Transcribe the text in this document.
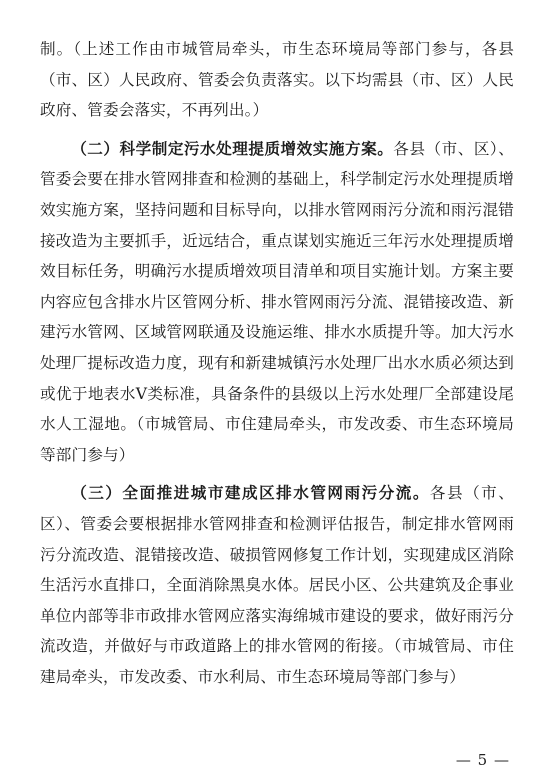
制。（上述工作由市城管局牵头，市生态环境局等部门参与，各县（市、区）人民政府、管委会负责落实。以下均需县（市、区）人民政府、管委会落实，不再列出。）

（二）科学制定污水处理提质增效实施方案。各县（市、区）、管委会要在排水管网排查和检测的基础上，科学制定污水处理提质增效实施方案，坚持问题和目标导向，以排水管网雨污分流和雨污混错接改造为主要抓手，近远结合，重点谋划实施近三年污水处理提质增效目标任务，明确污水提质增效项目清单和项目实施计划。方案主要内容应包含排水片区管网分析、排水管网雨污分流、混错接改造、新建污水管网、区域管网联通及设施运维、排水水质提升等。加大污水处理厂提标改造力度，现有和新建城镇污水处理厂出水水质必须达到或优于地表水Ⅴ类标准，具备条件的县级以上污水处理厂全部建设尾水人工湿地。（市城管局、市住建局牵头，市发改委、市生态环境局等部门参与）

（三）全面推进城市建成区排水管网雨污分流。各县（市、区）、管委会要根据排水管网排查和检测评估报告，制定排水管网雨污分流改造、混错接改造、破损管网修复工作计划，实现建成区消除生活污水直排口，全面消除黑臭水体。居民小区、公共建筑及企事业单位内部等非市政排水管网应落实海绵城市建设的要求，做好雨污分流改造，并做好与市政道路上的排水管网的衔接。（市城管局、市住建局牵头，市发改委、市水利局、市生态环境局等部门参与）

— 5 —
